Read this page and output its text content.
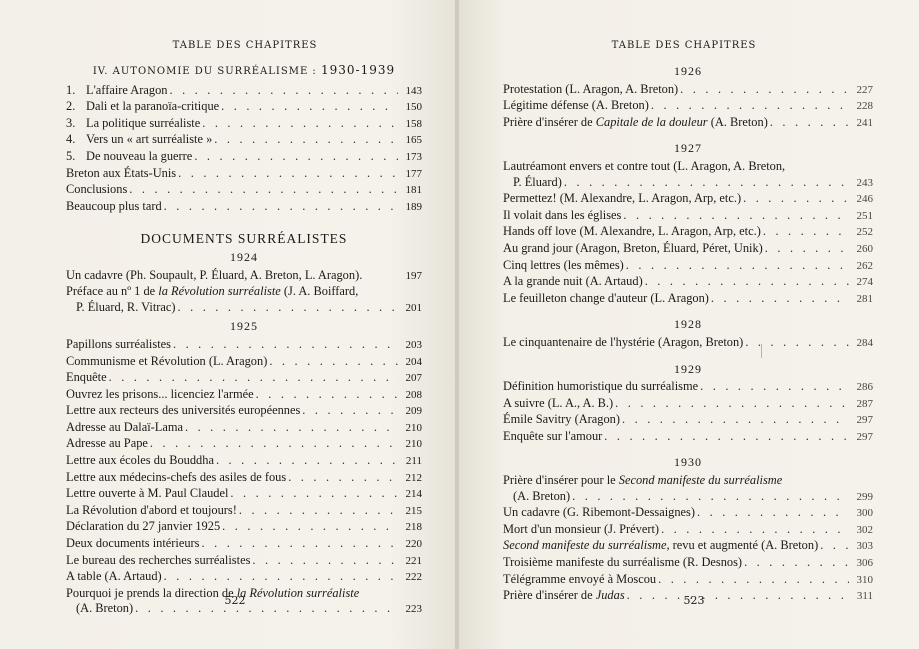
TABLE DES CHAPITRES
IV. AUTONOMIE DU SURRÉALISME : 1930-1939
1. L'affaire Aragon . . .	143
2. Dali et la paranoïa-critique . . .	150
3. La politique surréaliste . . .	158
4. Vers un « art surréaliste » . . .	165
5. De nouveau la guerre . . .	173
Breton aux États-Unis . . .	177
Conclusions . . .	181
Beaucoup plus tard . . .	189
DOCUMENTS SURRÉALISTES
1924
Un cadavre (Ph. Soupault, P. Éluard, A. Breton, L. Aragon).	197
Préface au nº 1 de la Révolution surréaliste (J. A. Boiffard,
P. Éluard, R. Vitrac) . . .	201
1925
Papillons surréalistes . . .	203
Communisme et Révolution (L. Aragon) . . .	204
Enquête . . .	207
Ouvrez les prisons... licenciez l'armée . . .	208
Lettre aux recteurs des universités européennes . . .	209
Adresse au Dalaï-Lama . . .	210
Adresse au Pape . . .	210
Lettre aux écoles du Bouddha . . .	211
Lettre aux médecins-chefs des asiles de fous . . .	212
Lettre ouverte à M. Paul Claudel . . .	214
La Révolution d'abord et toujours! . . .	215
Déclaration du 27 janvier 1925 . . .	218
Deux documents intérieurs . . .	220
Le bureau des recherches surréalistes . . .	221
A table (A. Artaud) . . .	222
Pourquoi je prends la direction de la Révolution surréaliste
(A. Breton) . . .	223
522
TABLE DES CHAPITRES
1926
Protestation (L. Aragon, A. Breton) . . .	227
Légitime défense (A. Breton) . . .	228
Prière d'insérer de Capitale de la douleur (A. Breton) . . .	241
1927
Lautréamont envers et contre tout (L. Aragon, A. Breton,
P. Éluard) . . .	243
Permettez! (M. Alexandre, L. Aragon, Arp, etc.) . . .	246
Il volait dans les églises . . .	251
Hands off love (M. Alexandre, L. Aragon, Arp, etc.) . . .	252
Au grand jour (Aragon, Breton, Éluard, Péret, Unik) . . .	260
Cinq lettres (les mêmes) . . .	262
A la grande nuit (A. Artaud) . . .	274
Le feuilleton change d'auteur (L. Aragon) . . .	281
1928
Le cinquantenaire de l'hystérie (Aragon, Breton) . . .	284
1929
Définition humoristique du surréalisme . . .	286
A suivre (L. A., A. B.) . . .	287
Émile Savitry (Aragon) . . .	297
Enquête sur l'amour . . .	297
1930
Prière d'insérer pour le Second manifeste du surréalisme
(A. Breton) . . .	299
Un cadavre (G. Ribemont-Dessaignes) . . .	300
Mort d'un monsieur (J. Prévert) . . .	302
Second manifeste du surréalisme, revu et augmenté (A. Breton) . . .	303
Troisième manifeste du surréalisme (R. Desnos) . . .	306
Télégramme envoyé à Moscou . . .	310
Prière d'insérer de Judas . . .	311
523
